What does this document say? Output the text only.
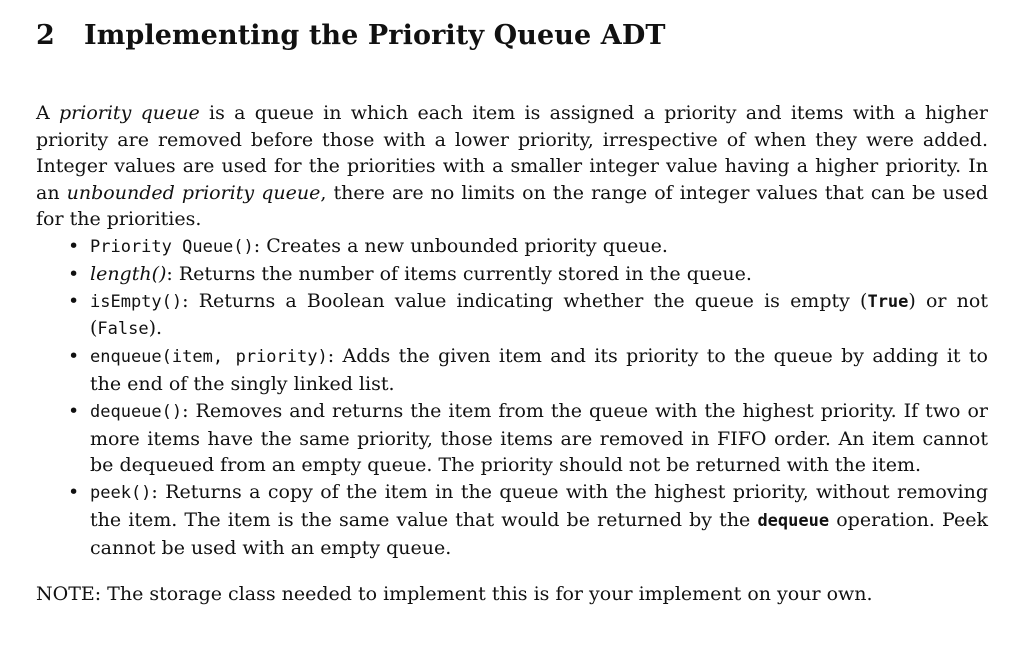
2 Implementing the Priority Queue ADT

A priority queue is a queue in which each item is assigned a priority and items with a higher priority are removed before those with a lower priority, irrespective of when they were added. Integer values are used for the priorities with a smaller integer value having a higher priority. In an unbounded priority queue, there are no limits on the range of integer values that can be used for the priorities.

• Priority Queue(): Creates a new unbounded priority queue.
• length(): Returns the number of items currently stored in the queue.
• isEmpty(): Returns a Boolean value indicating whether the queue is empty (True) or not (False).
• enqueue(item, priority): Adds the given item and its priority to the queue by adding it to the end of the singly linked list.
• dequeue(): Removes and returns the item from the queue with the highest priority. If two or more items have the same priority, those items are removed in FIFO order. An item cannot be dequeued from an empty queue. The priority should not be returned with the item.
• peek(): Returns a copy of the item in the queue with the highest priority, without removing the item. The item is the same value that would be returned by the dequeue operation. Peek cannot be used with an empty queue.

NOTE: The storage class needed to implement this is for your implement on your own.
